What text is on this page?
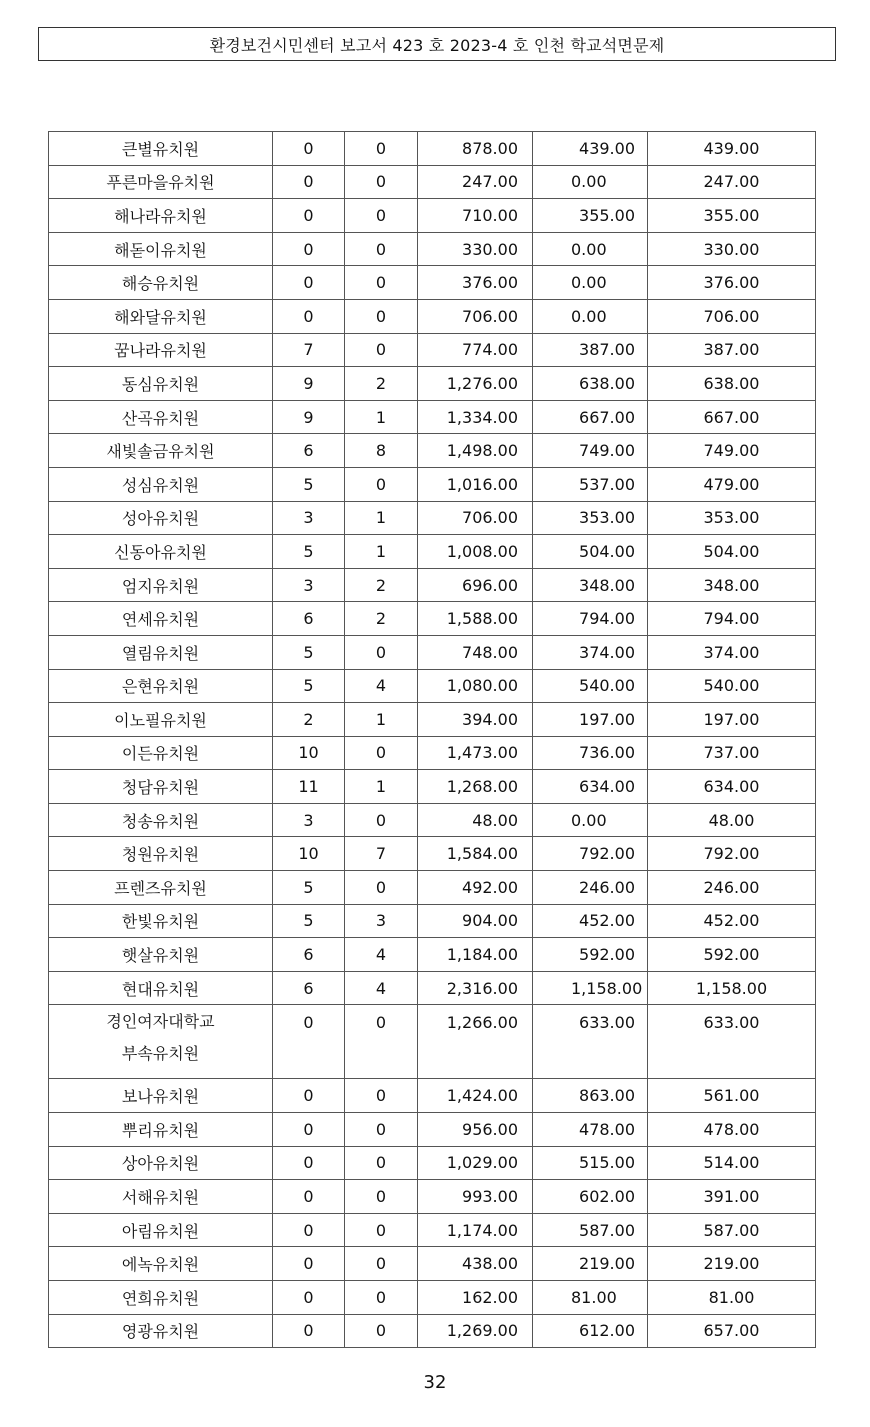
환경보건시민센터 보고서 423 호 2023-4 호 인천 학교석면문제
큰별유치원	0	0	878.00	439.00	439.00
푸른마을유치원	0	0	247.00	0.00	247.00
해나라유치원	0	0	710.00	355.00	355.00
해돋이유치원	0	0	330.00	0.00	330.00
해승유치원	0	0	376.00	0.00	376.00
해와달유치원	0	0	706.00	0.00	706.00
꿈나라유치원	7	0	774.00	387.00	387.00
동심유치원	9	2	1,276.00	638.00	638.00
산곡유치원	9	1	1,334.00	667.00	667.00
새빛솔금유치원	6	8	1,498.00	749.00	749.00
성심유치원	5	0	1,016.00	537.00	479.00
성아유치원	3	1	706.00	353.00	353.00
신동아유치원	5	1	1,008.00	504.00	504.00
엄지유치원	3	2	696.00	348.00	348.00
연세유치원	6	2	1,588.00	794.00	794.00
열림유치원	5	0	748.00	374.00	374.00
은현유치원	5	4	1,080.00	540.00	540.00
이노필유치원	2	1	394.00	197.00	197.00
이든유치원	10	0	1,473.00	736.00	737.00
청담유치원	11	1	1,268.00	634.00	634.00
청송유치원	3	0	48.00	0.00	48.00
청원유치원	10	7	1,584.00	792.00	792.00
프렌즈유치원	5	0	492.00	246.00	246.00
한빛유치원	5	3	904.00	452.00	452.00
햇살유치원	6	4	1,184.00	592.00	592.00
현대유치원	6	4	2,316.00	1,158.00	1,158.00

경인여자대학교
부속유치원	0	0	1,266.00	633.00	633.00
보나유치원	0	0	1,424.00	863.00	561.00
뿌리유치원	0	0	956.00	478.00	478.00
상아유치원	0	0	1,029.00	515.00	514.00
서해유치원	0	0	993.00	602.00	391.00
아림유치원	0	0	1,174.00	587.00	587.00
에녹유치원	0	0	438.00	219.00	219.00
연희유치원	0	0	162.00	81.00	81.00
영광유치원	0	0	1,269.00	612.00	657.00
32
